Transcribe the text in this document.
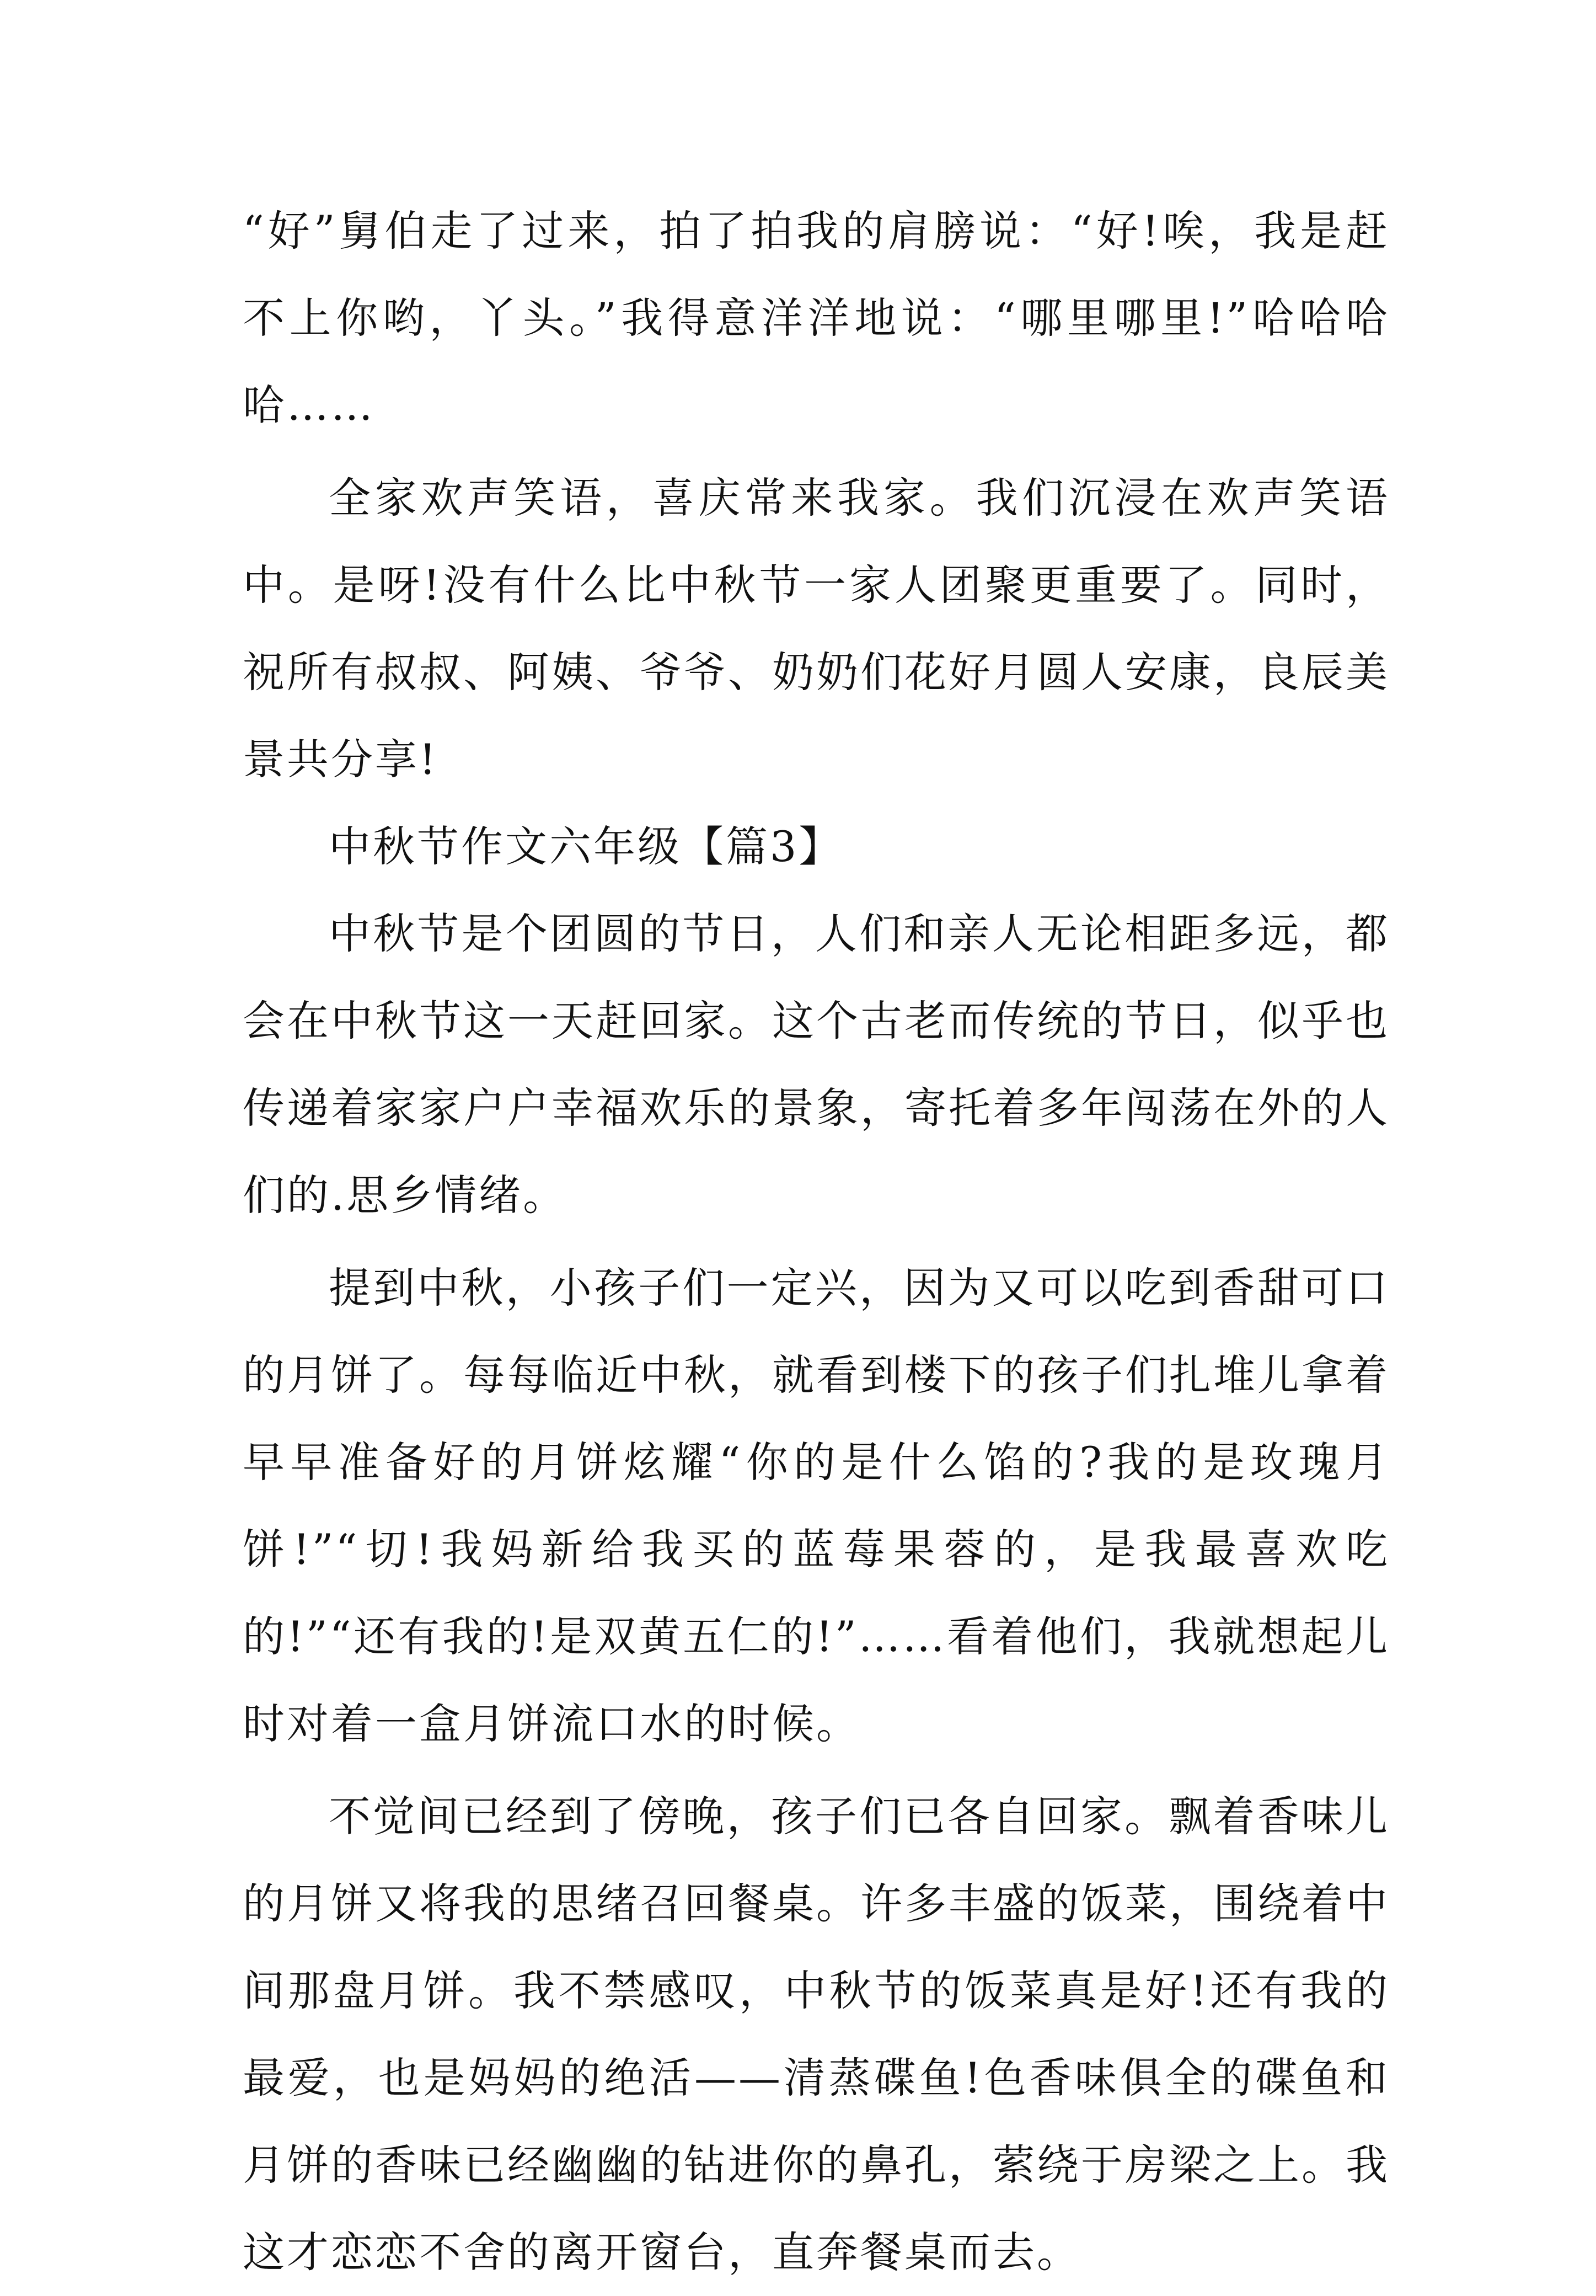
“好”舅伯走了过来，拍了拍我的肩膀说：“好!唉，我是赶不上你哟，丫头。”我得意洋洋地说：“哪里哪里!”哈哈哈哈……

全家欢声笑语，喜庆常来我家。我们沉浸在欢声笑语中。是呀!没有什么比中秋节一家人团聚更重要了。同时，祝所有叔叔、阿姨、爷爷、奶奶们花好月圆人安康，良辰美景共分享!

中秋节作文六年级【篇3】

中秋节是个团圆的节日，人们和亲人无论相距多远，都会在中秋节这一天赶回家。这个古老而传统的节日，似乎也传递着家家户户幸福欢乐的景象，寄托着多年闯荡在外的人们的.思乡情绪。

提到中秋，小孩子们一定兴，因为又可以吃到香甜可口的月饼了。每每临近中秋，就看到楼下的孩子们扎堆儿拿着早早准备好的月饼炫耀“你的是什么馅的?我的是玫瑰月饼!”“切!我妈新给我买的蓝莓果蓉的，是我最喜欢吃的!”“还有我的!是双黄五仁的!”……看着他们，我就想起儿时对着一盒月饼流口水的时候。

不觉间已经到了傍晚，孩子们已各自回家。飘着香味儿的月饼又将我的思绪召回餐桌。许多丰盛的饭菜，围绕着中间那盘月饼。我不禁感叹，中秋节的饭菜真是好!还有我的最爱，也是妈妈的绝活——清蒸碟鱼!色香味俱全的碟鱼和月饼的香味已经幽幽的钻进你的鼻孔，萦绕于房梁之上。我这才恋恋不舍的离开窗台，直奔餐桌而去。
